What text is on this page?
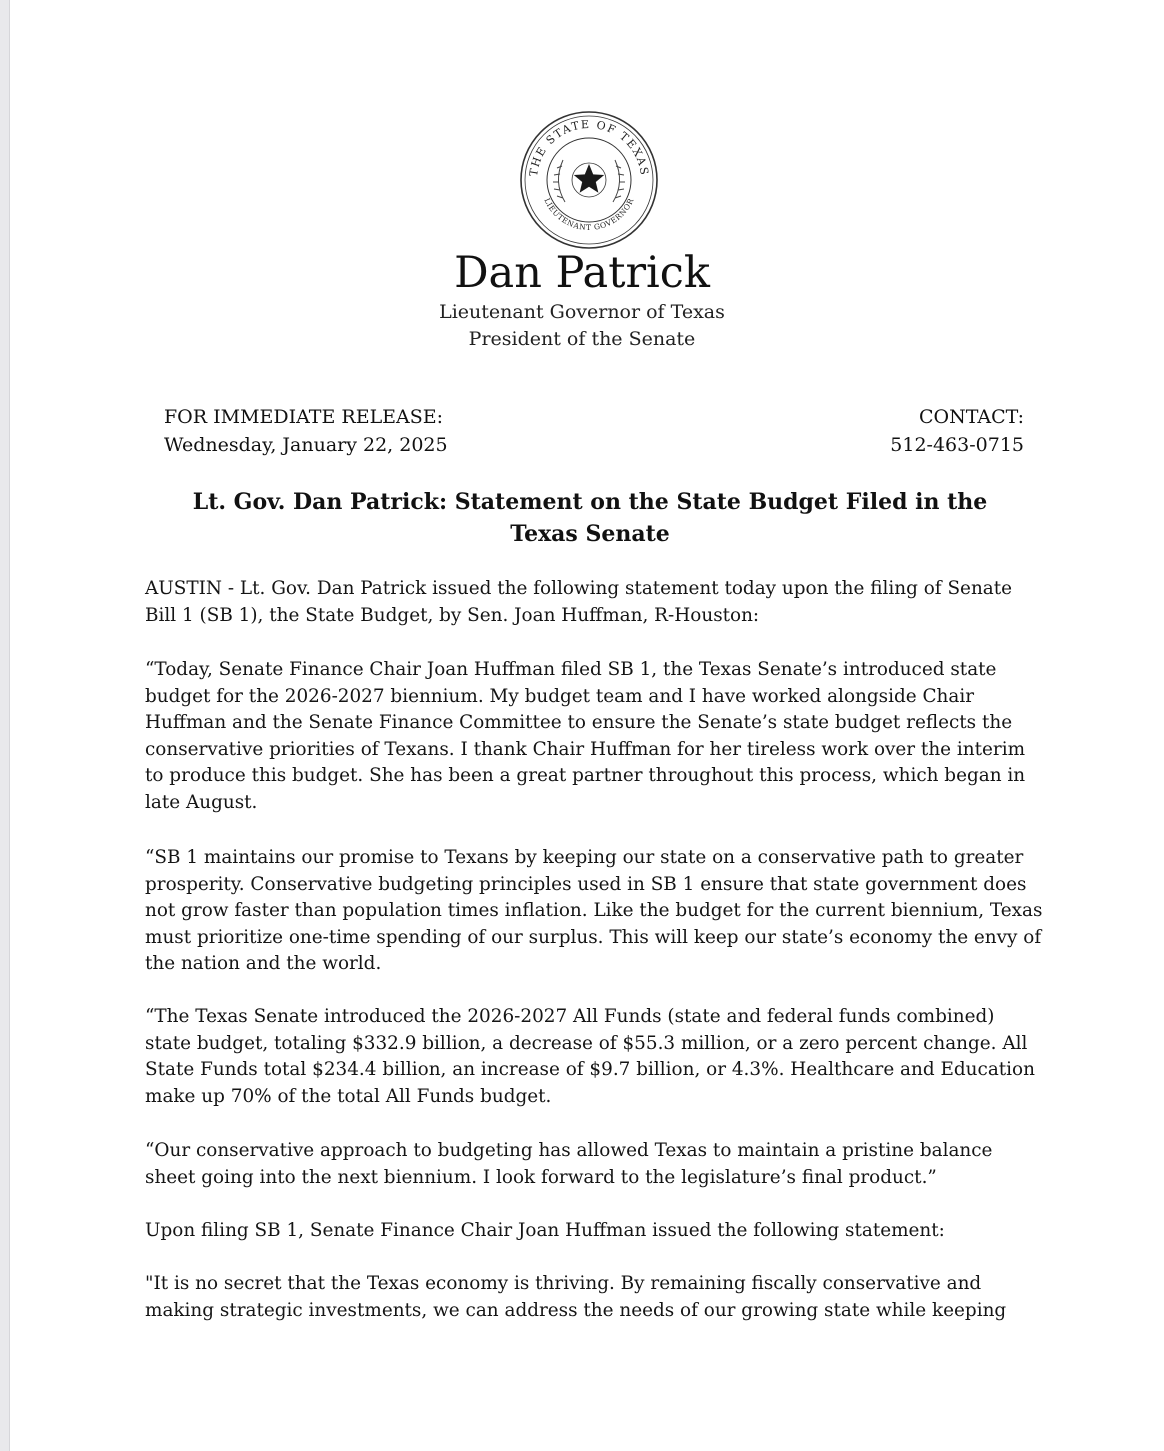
THE STATE OF TEXAS
LIEUTENANT GOVERNOR
Dan Patrick
Lieutenant Governor of Texas
President of the Senate
FOR IMMEDIATE RELEASE:
Wednesday, January 22, 2025
CONTACT:
512-463-0715
Lt. Gov. Dan Patrick: Statement on the State Budget Filed in the Texas Senate

AUSTIN - Lt. Gov. Dan Patrick issued the following statement today upon the filing of Senate Bill 1 (SB 1), the State Budget, by Sen. Joan Huffman, R-Houston:

“Today, Senate Finance Chair Joan Huffman filed SB 1, the Texas Senate’s introduced state budget for the 2026-2027 biennium. My budget team and I have worked alongside Chair Huffman and the Senate Finance Committee to ensure the Senate’s state budget reflects the conservative priorities of Texans. I thank Chair Huffman for her tireless work over the interim to produce this budget. She has been a great partner throughout this process, which began in late August.

“SB 1 maintains our promise to Texans by keeping our state on a conservative path to greater prosperity. Conservative budgeting principles used in SB 1 ensure that state government does not grow faster than population times inflation. Like the budget for the current biennium, Texas must prioritize one-time spending of our surplus. This will keep our state’s economy the envy of the nation and the world.

“The Texas Senate introduced the 2026-2027 All Funds (state and federal funds combined) state budget, totaling $332.9 billion, a decrease of $55.3 million, or a zero percent change. All State Funds total $234.4 billion, an increase of $9.7 billion, or 4.3%. Healthcare and Education make up 70% of the total All Funds budget.

“Our conservative approach to budgeting has allowed Texas to maintain a pristine balance sheet going into the next biennium. I look forward to the legislature’s final product.”

Upon filing SB 1, Senate Finance Chair Joan Huffman issued the following statement:

"It is no secret that the Texas economy is thriving. By remaining fiscally conservative and making strategic investments, we can address the needs of our growing state while keeping
